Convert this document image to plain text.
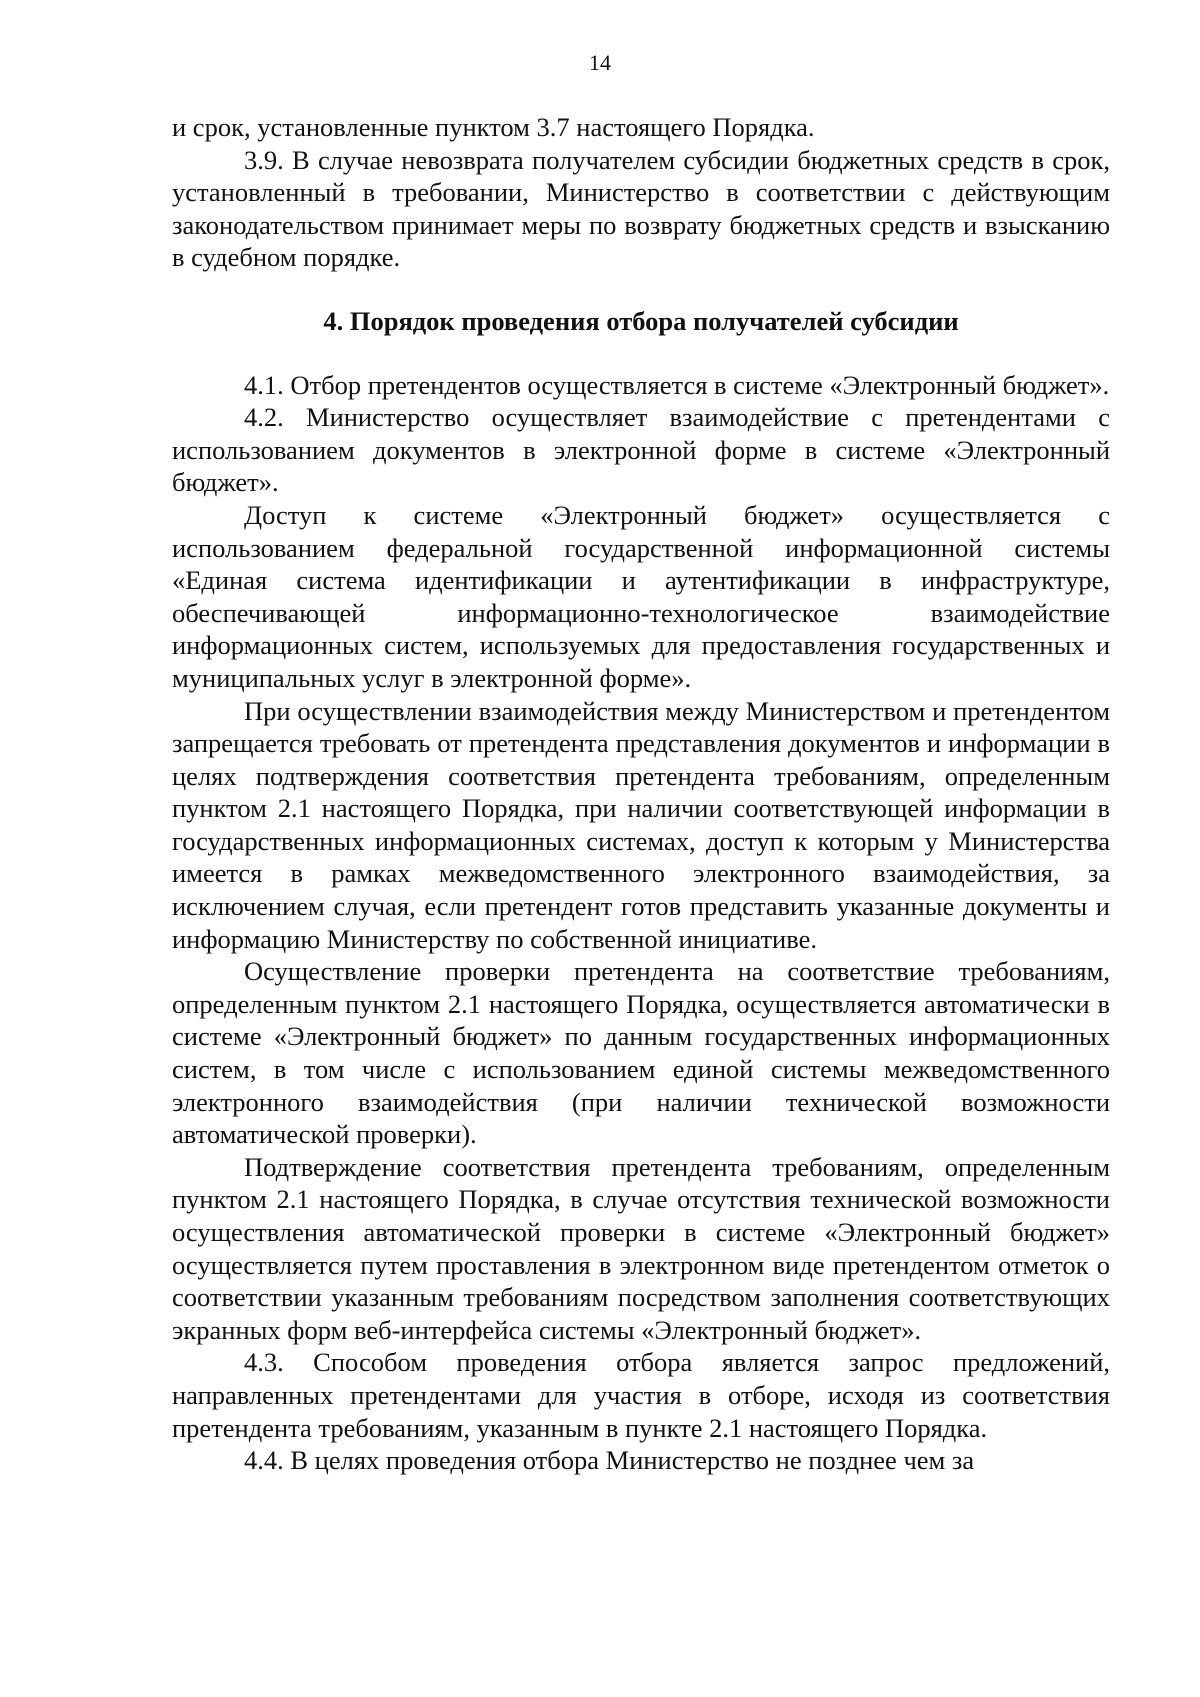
14

и срок, установленные пунктом 3.7 настоящего Порядка.

3.9. В случае невозврата получателем субсидии бюджетных средств в срок, установленный в требовании, Министерство в соответствии с действующим законодательством принимает меры по возврату бюджетных средств и взысканию в судебном порядке.

4. Порядок проведения отбора получателей субсидии

4.1. Отбор претендентов осуществляется в системе «Электронный бюджет».

4.2. Министерство осуществляет взаимодействие с претендентами с использованием документов в электронной форме в системе «Электронный бюджет».

Доступ к системе «Электронный бюджет» осуществляется с использованием федеральной государственной информационной системы «Единая система идентификации и аутентификации в инфраструктуре, обеспечивающей информационно-технологическое взаимодействие информационных систем, используемых для предоставления государственных и муниципальных услуг в электронной форме».

При осуществлении взаимодействия между Министерством и претендентом запрещается требовать от претендента представления документов и информации в целях подтверждения соответствия претендента требованиям, определенным пунктом 2.1 настоящего Порядка, при наличии соответствующей информации в государственных информационных системах, доступ к которым у Министерства имеется в рамках межведомственного электронного взаимодействия, за исключением случая, если претендент готов представить указанные документы и информацию Министерству по собственной инициативе.

Осуществление проверки претендента на соответствие требованиям, определенным пунктом 2.1 настоящего Порядка, осуществляется автоматически в системе «Электронный бюджет» по данным государственных информационных систем, в том числе с использованием единой системы межведомственного электронного взаимодействия (при наличии технической возможности автоматической проверки).

Подтверждение соответствия претендента требованиям, определенным пунктом 2.1 настоящего Порядка, в случае отсутствия технической возможности осуществления автоматической проверки в системе «Электронный бюджет» осуществляется путем проставления в электронном виде претендентом отметок о соответствии указанным требованиям посредством заполнения соответствующих экранных форм веб-интерфейса системы «Электронный бюджет».

4.3. Способом проведения отбора является запрос предложений, направленных претендентами для участия в отборе, исходя из соответствия претендента требованиям, указанным в пункте 2.1 настоящего Порядка.

4.4. В целях проведения отбора Министерство не позднее чем за
